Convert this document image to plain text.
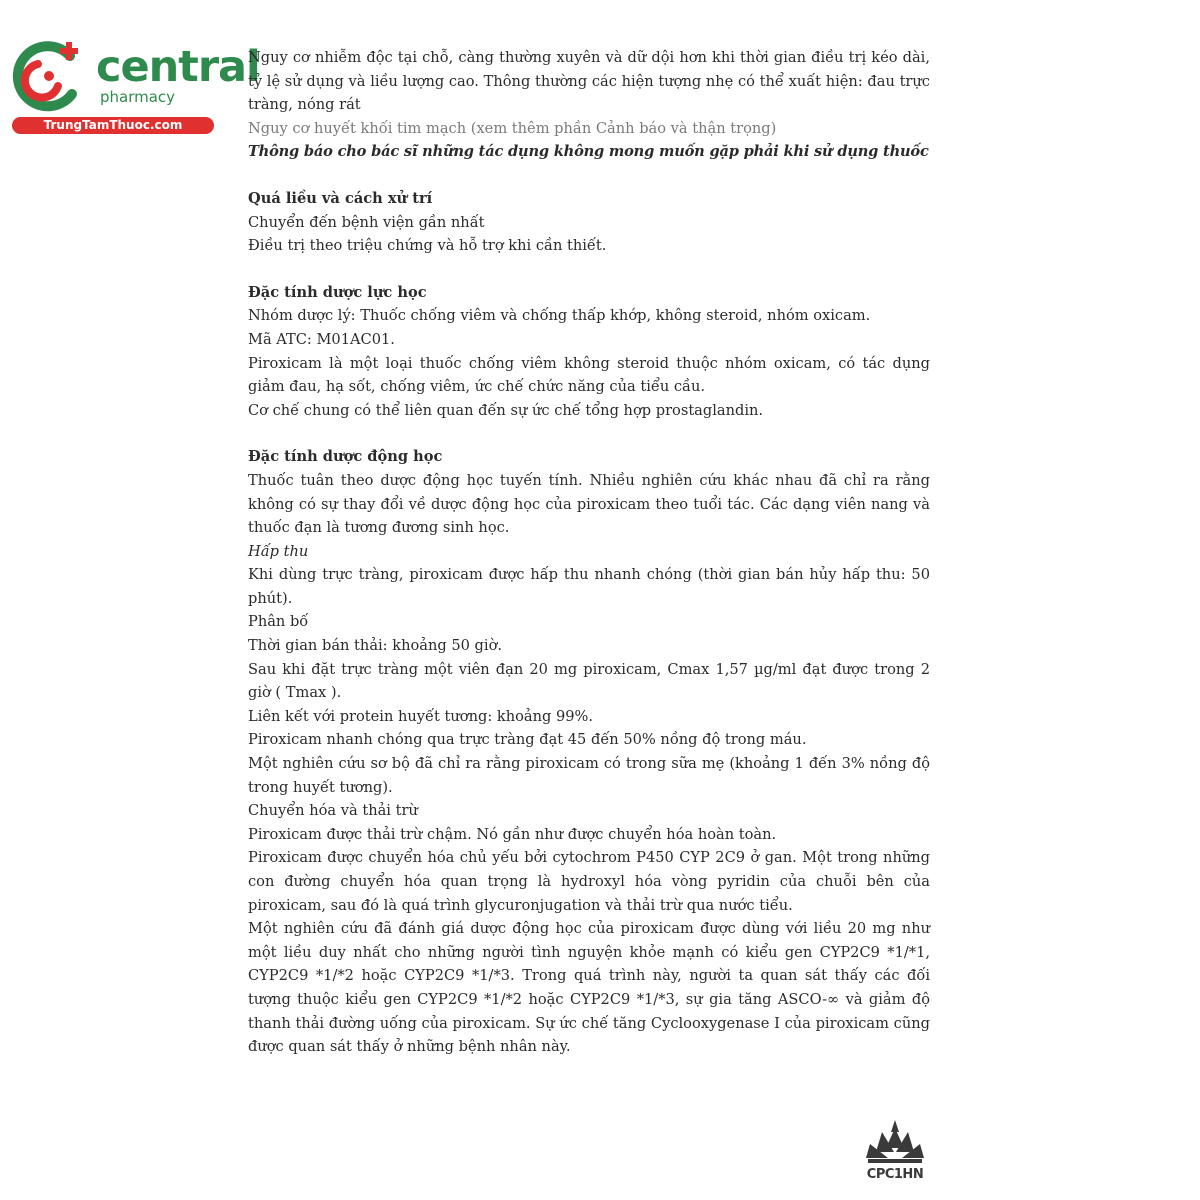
central
pharmacy
TrungTamThuoc.com

Nguy cơ nhiễm độc tại chỗ, càng thường xuyên và dữ dội hơn khi thời gian điều trị kéo dài, tỷ lệ sử dụng và liều lượng cao. Thông thường các hiện tượng nhẹ có thể xuất hiện: đau trực tràng, nóng rát

Nguy cơ huyết khối tim mạch (xem thêm phần Cảnh báo và thận trọng)

Thông báo cho bác sĩ những tác dụng không mong muốn gặp phải khi sử dụng thuốc

Quá liều và cách xử trí

Chuyển đến bệnh viện gần nhất

Điều trị theo triệu chứng và hỗ trợ khi cần thiết.

Đặc tính dược lực học

Nhóm dược lý: Thuốc chống viêm và chống thấp khớp, không steroid, nhóm oxicam.

Mã ATC: M01AC01.

Piroxicam là một loại thuốc chống viêm không steroid thuộc nhóm oxicam, có tác dụng giảm đau, hạ sốt, chống viêm, ức chế chức năng của tiểu cầu.

Cơ chế chung có thể liên quan đến sự ức chế tổng hợp prostaglandin.

Đặc tính dược động học

Thuốc tuân theo dược động học tuyến tính. Nhiều nghiên cứu khác nhau đã chỉ ra rằng không có sự thay đổi về dược động học của piroxicam theo tuổi tác. Các dạng viên nang và thuốc đạn là tương đương sinh học.

Hấp thu

Khi dùng trực tràng, piroxicam được hấp thu nhanh chóng (thời gian bán hủy hấp thu: 50 phút).

Phân bố

Thời gian bán thải: khoảng 50 giờ.

Sau khi đặt trực tràng một viên đạn 20 mg piroxicam, Cmax 1,57 µg/ml đạt được trong 2 giờ ( Tmax ).

Liên kết với protein huyết tương: khoảng 99%.

Piroxicam nhanh chóng qua trực tràng đạt 45 đến 50% nồng độ trong máu.

Một nghiên cứu sơ bộ đã chỉ ra rằng piroxicam có trong sữa mẹ (khoảng 1 đến 3% nồng độ trong huyết tương).

Chuyển hóa và thải trừ

Piroxicam được thải trừ chậm. Nó gần như được chuyển hóa hoàn toàn.

Piroxicam được chuyển hóa chủ yếu bởi cytochrom P450 CYP 2C9 ở gan. Một trong những con đường chuyển hóa quan trọng là hydroxyl hóa vòng pyridin của chuỗi bên của piroxicam, sau đó là quá trình glycuronjugation và thải trừ qua nước tiểu.

Một nghiên cứu đã đánh giá dược động học của piroxicam được dùng với liều 20 mg như một liều duy nhất cho những người tình nguyện khỏe mạnh có kiểu gen CYP2C9 *1/*1, CYP2C9 *1/*2 hoặc CYP2C9 *1/*3. Trong quá trình này, người ta quan sát thấy các đối tượng thuộc kiểu gen CYP2C9 *1/*2 hoặc CYP2C9 *1/*3, sự gia tăng ASCO-∞ và giảm độ thanh thải đường uống của piroxicam. Sự ức chế tăng Cyclooxygenase I của piroxicam cũng được quan sát thấy ở những bệnh nhân này.

CPC1HN
